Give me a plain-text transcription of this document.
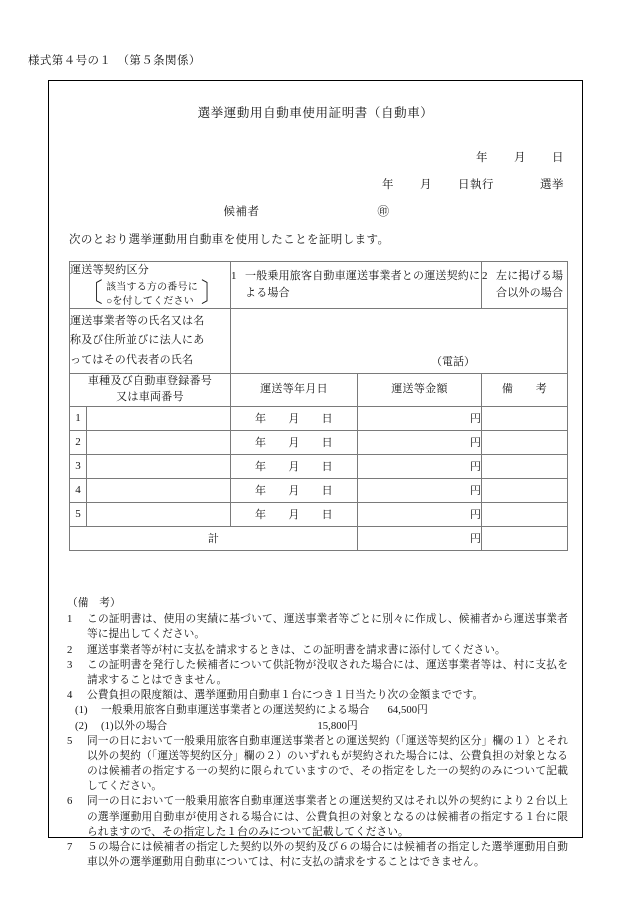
様式第４号の１　（第５条関係）
選挙運動用自動車使用証明書（自動車）
年 月 日
年 月 日執行	選挙
候補者	㊞
次のとおり選挙運動用自動車を使用したことを証明します。
運送等契約区分
〔 該当する方の番号に
○を付してください 〕		1 一般乗用旅客自動車運送事業者との運送契約による場合		2 左に掲げる場合以外の場合

運送事業者等の氏名又は名
称及び住所並びに法人にあ
ってはその代表者の氏名		（電話）		

車種及び自動車登録番号
又は車両番号		運送等年月日	運送等金額	備　　考
1		年 月 日	円	
2		年 月 日	円	
3		年 月 日	円	
4		年 月 日	円	
5		年 月 日	円	
計			円	
（備　考）
1	この証明書は、使用の実績に基づいて、運送事業者等ごとに別々に作成し、候補者から運送事業者等に提出してください。
2	運送事業者等が村に支払を請求するときは、この証明書を請求書に添付してください。
3	この証明書を発行した候補者について供託物が没収された場合には、運送事業者等は、村に支払を請求することはできません。
4	公費負担の限度額は、選挙運動用自動車１台につき１日当たり次の金額までです。
(1)	一般乗用旅客自動車運送事業者との運送契約による場合 64,500円
(2)	(1)以外の場合	15,800円
5	同一の日において一般乗用旅客自動車運送事業者との運送契約（「運送等契約区分」欄の１）とそれ以外の契約（「運送等契約区分」欄の２）のいずれもが契約された場合には、公費負担の対象となるのは候補者の指定する一の契約に限られていますので、その指定をした一の契約のみについて記載してください。
6	同一の日において一般乗用旅客自動車運送事業者との運送契約又はそれ以外の契約により２台以上の選挙運動用自動車が使用される場合には、公費負担の対象となるのは候補者の指定する１台に限られますので、その指定した１台のみについて記載してください。
7	５の場合には候補者の指定した契約以外の契約及び６の場合には候補者の指定した選挙運動用自動車以外の選挙運動用自動車については、村に支払の請求をすることはできません。
